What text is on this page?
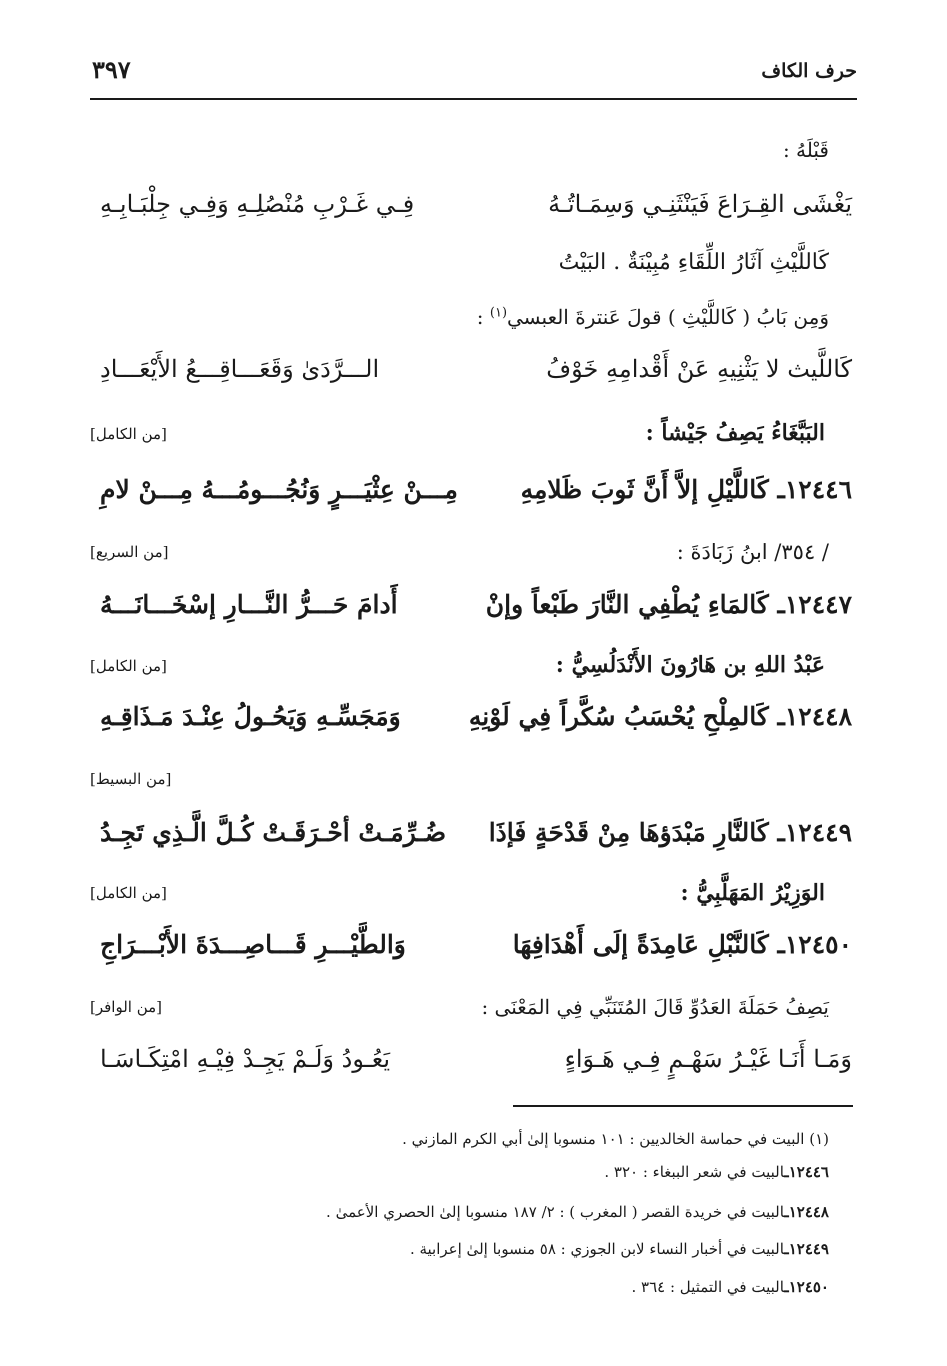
حرف الكاف
٣٩٧
قَبْلَهُ :
يَغْشَى القِـرَاعَ فَيَنْثَنِـي وَسِمَـاتُـهُ
فِـي غَـرْبِ مُنْصُلِـهِ وَفِـي جِلْبَـابِـهِ
كَاللَّيْثِ آثَارُ اللِّقَاءِ مُبِيْنَةٌ . البَيْتُ
وَمِن بَابُ ( كَاللَّيْثِ ) قولَ عَنترةَ العبسي$^{(١)}$ :
كَاللَّيث لا يَثْنِيهِ عَنْ أَقْدامِهِ خَوْفُ
الـــرَّدَىٰ وَقَعَـــاقِـــعُ الأَيْعَـــادِ
البَبَّغَاءُ يَصِفُ جَيْشاً :
[من الكامل]
١٢٤٤٦ـ كَاللَّيْلِ إلاَّ أَنَّ ثَوبَ ظَلامِهِ
مِـــنْ عِثْيَـــرٍ وَنُجُـــومُـــهُ مِـــنْ لامِ
/ ٣٥٤/ ابنُ زَبَادَةَ :
[من السريع]
١٢٤٤٧ـ كَالمَاءِ يُطْفِي النَّارَ طَبْعاً وإنْ
أَدامَ حَـــرُّ النَّـــارِ إسْخَـــانَـــهُ
عَبْدُ اللهِ بن هَارُونَ الأَنْدَلُسِيُّ :
[من الكامل]
١٢٤٤٨ـ كَالمِلْحِ يُحْسَبُ سُكَّراً فِي لَوْنِهِ
وَمَجَسِّـهِ وَيَحُـولُ عِنْـدَ مَـذَاقِـهِ
[من البسيط]
١٢٤٤٩ـ كَالنَّارِ مَبْدَؤهَا مِنْ قَدْحَةٍ فَإذَا
ضُـرِّمَـتْ أحْـرَقَـتْ كُـلَّ الَّـذِي تَجِـدُ
الوَزِيْرُ المَهَلَّبِيُّ :
[من الكامل]
١٢٤٥٠ـ كَالنَّبْلِ عَامِدَةً إلَى أَهْدَافِهَا
وَالطَّيْـــرِ قَـــاصِـــدَةَ الأَبْـــرَاجِ
يَصِفُ حَمَلَةَ العَدُوِّ قَالَ المُتَنَبِّي فِي المَعْنَى :
[من الوافر]
وَمَـا أَنَـا غَيْـرُ سَهْـمٍ فِـي هَـوَاءٍ
يَعُـودُ وَلَـمْ يَجِـدْ فِيْـهِ امْتِكَـاسَـا
(١) البيت في حماسة الخالديين : ١٠١ منسوبا إلىٰ أبي الكرم المازني .
١٢٤٤٦ـالبيت في شعر الببغاء : ٣٢٠ .
١٢٤٤٨ـالبيت في خريدة القصر ( المغرب ) : ٢/ ١٨٧ منسوبا إلىٰ الحصري الأعمىٰ .
١٢٤٤٩ـالبيت في أخبار النساء لابن الجوزي : ٥٨ منسوبا إلىٰ إعرابية .
١٢٤٥٠ـالبيت في التمثيل : ٣٦٤ .
